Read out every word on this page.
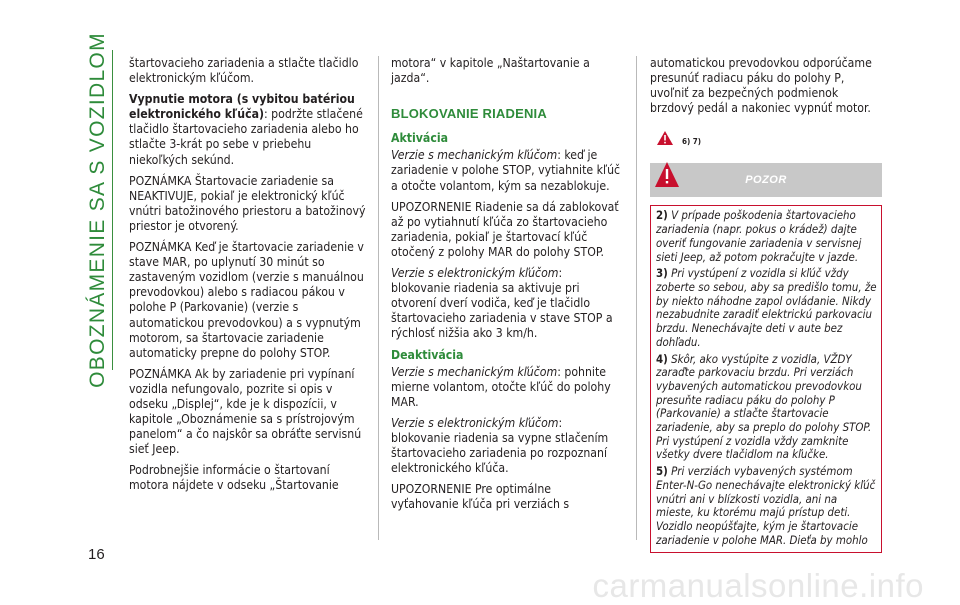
OBOZNÁMENIE SA S VOZIDLOM
16

štartovacieho zariadenia a stlačte tlačidlo elektronickým kľúčom.

Vypnutie motora (s vybitou batériou elektronického kľúča): podržte stlačené tlačidlo štartovacieho zariadenia alebo ho stlačte 3-krát po sebe v priebehu niekoľkých sekúnd.

POZNÁMKA Štartovacie zariadenie sa NEAKTIVUJE, pokiaľ je elektronický kľúč vnútri batožinového priestoru a batožinový priestor je otvorený.

POZNÁMKA Keď je štartovacie zariadenie v stave MAR, po uplynutí 30 minút so zastaveným vozidlom (verzie s manuálnou prevodovkou) alebo s radiacou pákou v polohe P (Parkovanie) (verzie s automatickou prevodovkou) a s vypnutým motorom, sa štartovacie zariadenie automaticky prepne do polohy STOP.

POZNÁMKA Ak by zariadenie pri vypínaní vozidla nefungovalo, pozrite si opis v odseku „Displej“, kde je k dispozícii, v kapitole „Oboznámenie sa s prístrojovým panelom“ a čo najskôr sa obráťte servisnú sieť Jeep.

Podrobnejšie informácie o štartovaní motora nájdete v odseku „Štartovanie

motora“ v kapitole „Naštartovanie a jazda“.

BLOKOVANIE RIADENIA
Aktivácia

Verzie s mechanickým kľúčom: keď je zariadenie v polohe STOP, vytiahnite kľúč a otočte volantom, kým sa nezablokuje.

UPOZORNENIE Riadenie sa dá zablokovať až po vytiahnutí kľúča zo štartovacieho zariadenia, pokiaľ je štartovací kľúč otočený z polohy MAR do polohy STOP.

Verzie s elektronickým kľúčom: blokovanie riadenia sa aktivuje pri otvorení dverí vodiča, keď je tlačidlo štartovacieho zariadenia v stave STOP a rýchlosť nižšia ako 3 km/h.

Deaktivácia

Verzie s mechanickým kľúčom: pohnite mierne volantom, otočte kľúč do polohy MAR.

Verzie s elektronickým kľúčom: blokovanie riadenia sa vypne stlačením štartovacieho zariadenia po rozpoznaní elektronického kľúča.

UPOZORNENIE Pre optimálne vyťahovanie kľúča pri verziách s

automatickou prevodovkou odporúčame presunúť radiacu páku do polohy P, uvoľniť za bezpečných podmienok brzdový pedál a nakoniec vypnúť motor.

6) 7)
POZOR

2) V prípade poškodenia štartovacieho zariadenia (napr. pokus o krádež) dajte overiť fungovanie zariadenia v servisnej sieti Jeep, až potom pokračujte v jazde.

3) Pri vystúpení z vozidla si kľúč vždy zoberte so sebou, aby sa predišlo tomu, že by niekto náhodne zapol ovládanie. Nikdy nezabudnite zaradiť elektrickú parkovaciu brzdu. Nenechávajte deti v aute bez dohľadu.

4) Skôr, ako vystúpite z vozidla, VŽDY zaraďte parkovaciu brzdu. Pri verziách vybavených automatickou prevodovkou presuňte radiacu páku do polohy P (Parkovanie) a stlačte štartovacie zariadenie, aby sa preplo do polohy STOP. Pri vystúpení z vozidla vždy zamknite všetky dvere tlačidlom na kľučke.

5) Pri verziách vybavených systémom Enter-N-Go nenechávajte elektronický kľúč vnútri ani v blízkosti vozidla, ani na mieste, ku ktorému majú prístup deti. Vozidlo neopúšťajte, kým je štartovacie zariadenie v polohe MAR. Dieťa by mohlo

carmanualsonline.info
